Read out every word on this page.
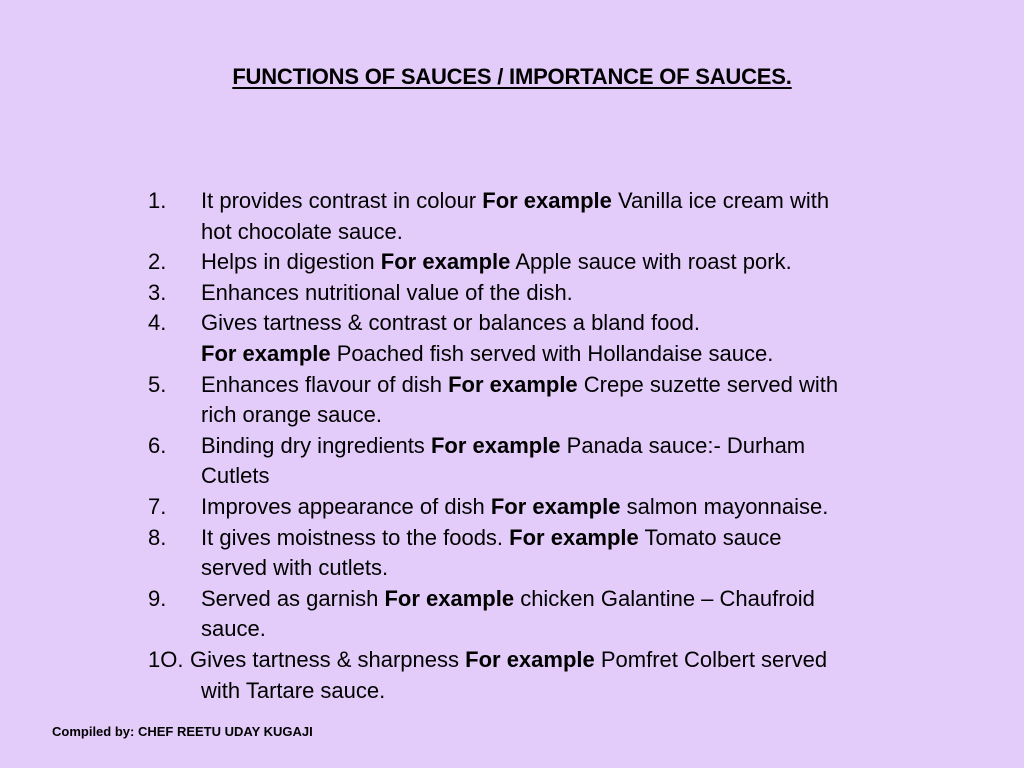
FUNCTIONS OF SAUCES / IMPORTANCE OF SAUCES.
1. It provides contrast in colour For example Vanilla ice cream with
hot chocolate sauce.
2. Helps in digestion For example Apple sauce with roast pork.
3. Enhances nutritional value of the dish.
4. Gives tartness & contrast or balances a bland food.
For example Poached fish served with Hollandaise sauce.
5. Enhances flavour of dish For example Crepe suzette served with
rich orange sauce.
6. Binding dry ingredients For example Panada sauce:- Durham
Cutlets
7. Improves appearance of dish For example salmon mayonnaise.
8. It gives moistness to the foods. For example Tomato sauce
served with cutlets.
9. Served as garnish For example chicken Galantine – Chaufroid
sauce.
1O. Gives tartness & sharpness For example Pomfret Colbert served
with Tartare sauce.
Compiled by: CHEF REETU UDAY KUGAJI
